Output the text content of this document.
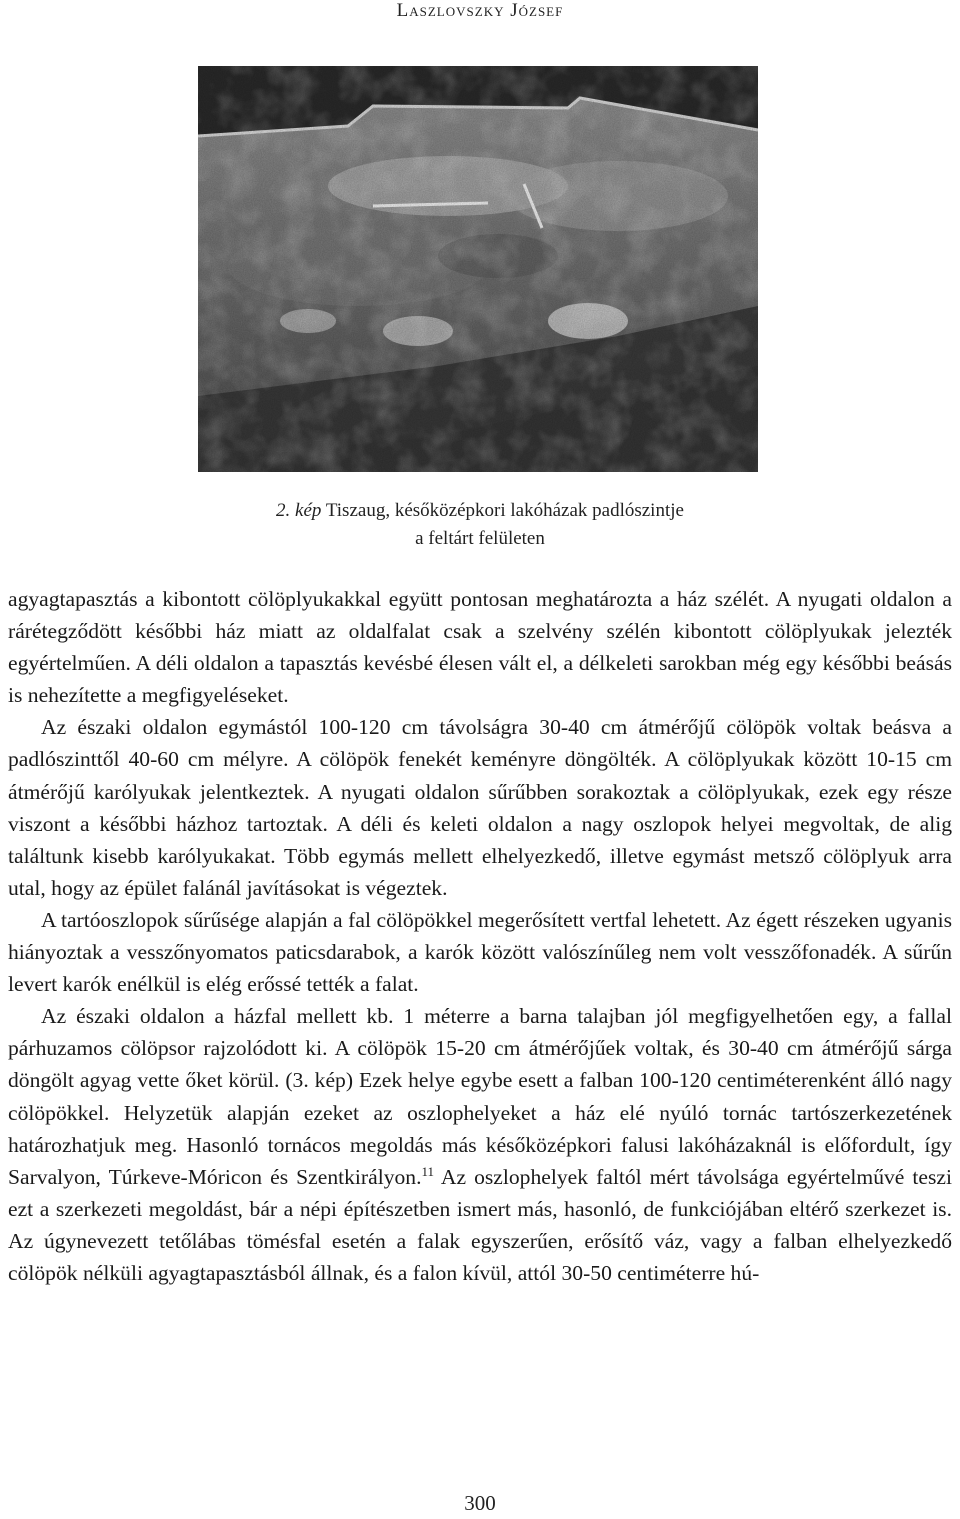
Laszlovszky József
2. kép Tiszaug, későközépkori lakóházak padlószintje
a feltárt felületen

agyagtapasztás a kibontott cölöplyukakkal együtt pontosan meghatározta a ház szélét. A nyugati oldalon a rárétegződött későbbi ház miatt az oldalfalat csak a szelvény szélén kibontott cölöplyukak jelezték egyértelműen. A déli oldalon a tapasztás kevésbé élesen vált el, a délkeleti sarokban még egy későbbi beásás is nehezítette a megfigyeléseket.

Az északi oldalon egymástól 100-120 cm távolságra 30-40 cm átmérőjű cölöpök voltak beásva a padlószinttől 40-60 cm mélyre. A cölöpök fenekét keményre döngölték. A cölöplyukak között 10-15 cm átmérőjű karólyukak jelentkeztek. A nyugati oldalon sűrűbben sorakoztak a cölöplyukak, ezek egy része viszont a későbbi házhoz tartoztak. A déli és keleti oldalon a nagy oszlopok helyei megvoltak, de alig találtunk kisebb karólyukakat. Több egymás mellett elhelyezkedő, illetve egymást metsző cölöplyuk arra utal, hogy az épület falánál javításokat is végeztek.

A tartóoszlopok sűrűsége alapján a fal cölöpökkel megerősített vertfal lehetett. Az égett részeken ugyanis hiányoztak a vesszőnyomatos paticsdarabok, a karók között valószínűleg nem volt vesszőfonadék. A sűrűn levert karók enélkül is elég erőssé tették a falat.

Az északi oldalon a házfal mellett kb. 1 méterre a barna talajban jól megfigyelhetően egy, a fallal párhuzamos cölöpsor rajzolódott ki. A cölöpök 15-20 cm átmérőjűek voltak, és 30-40 cm átmérőjű sárga döngölt agyag vette őket körül. (3. kép) Ezek helye egybe esett a falban 100-120 centiméterenként álló nagy cölöpökkel. Helyzetük alapján ezeket az oszlophelyeket a ház elé nyúló tornác tartószerkezetének határozhatjuk meg. Hasonló tornácos megoldás más későközépkori falusi lakóházaknál is előfordult, így Sarvalyon, Túrkeve-Móricon és Szentkirályon.$^{11}$ Az oszlophelyek faltól mért távolsága egyértelművé teszi ezt a szerkezeti megoldást, bár a népi építészetben ismert más, hasonló, de funkciójában eltérő szerkezet is. Az úgynevezett tetőlábas tömésfal esetén a falak egyszerűen, erősítő váz, vagy a falban elhelyezkedő cölöpök nélküli agyagtapasztásból állnak, és a falon kívül, attól 30-50 centiméterre hú-

300
